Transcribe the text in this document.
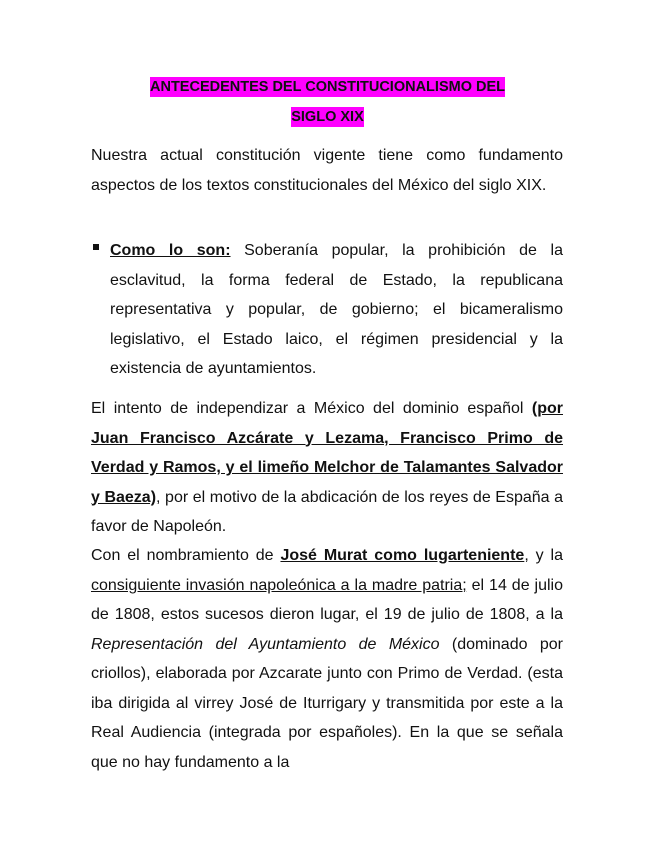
ANTECEDENTES DEL CONSTITUCIONALISMO DEL
SIGLO XIX
Nuestra actual constitución vigente tiene como fundamento aspectos de los textos constitucionales del México del siglo XIX.
Como lo son: Soberanía popular, la prohibición de la esclavitud, la forma federal de Estado, la republicana representativa y popular, de gobierno; el bicameralismo legislativo, el Estado laico, el régimen presidencial y la existencia de ayuntamientos.
El intento de independizar a México del dominio español (por Juan Francisco Azcárate y Lezama, Francisco Primo de Verdad y Ramos, y el limeño Melchor de Talamantes Salvador y Baeza), por el motivo de la abdicación de los reyes de España a favor de Napoleón.
Con el nombramiento de José Murat como lugarteniente, y la consiguiente invasión napoleónica a la madre patria; el 14 de julio de 1808, estos sucesos dieron lugar, el 19 de julio de 1808, a la Representación del Ayuntamiento de México (dominado por criollos), elaborada por Azcarate junto con Primo de Verdad. (esta iba dirigida al virrey José de Iturrigary y transmitida por este a la Real Audiencia (integrada por españoles). En la que se señala que no hay fundamento a la
